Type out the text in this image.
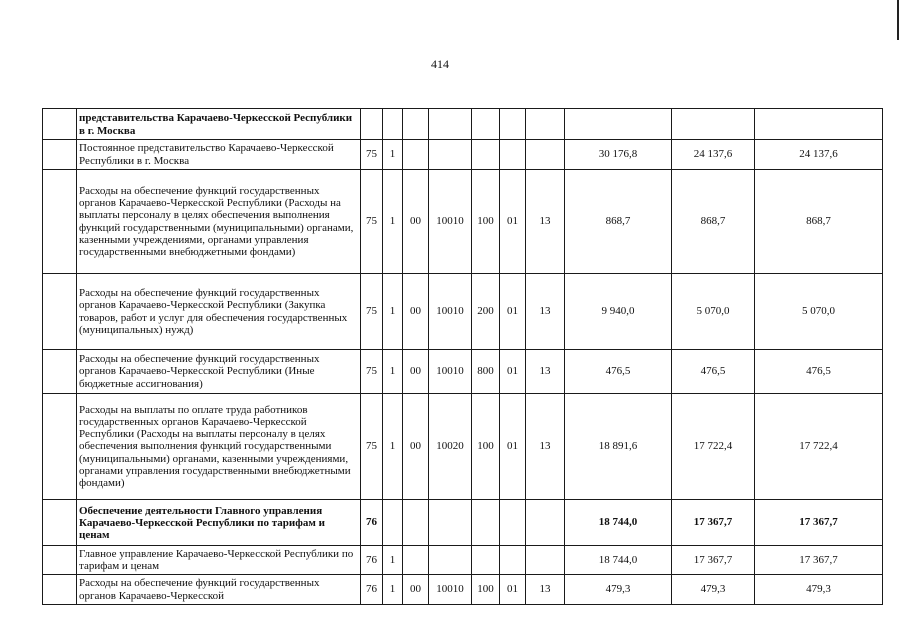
414
	представительства Карачаево-Черкесской Республики в г. Москва										
	Постоянное представительство Карачаево-Черкесской Республики в г. Москва	75	1						30 176,8	24 137,6	24 137,6
	Расходы на обеспечение функций государственных органов Карачаево-Черкесской Республики (Расходы на выплаты персоналу в целях обеспечения выполнения функций государственными (муниципальными) органами, казенными учреждениями, органами управления государственными внебюджетными фондами)	75	1	00	10010	100	01	13	868,7	868,7	868,7
	Расходы на обеспечение функций государственных органов Карачаево-Черкесской Республики (Закупка товаров, работ и услуг для обеспечения государственных (муниципальных) нужд)	75	1	00	10010	200	01	13	9 940,0	5 070,0	5 070,0
	Расходы на обеспечение функций государственных органов Карачаево-Черкесской Республики (Иные бюджетные ассигнования)	75	1	00	10010	800	01	13	476,5	476,5	476,5
	Расходы на выплаты по оплате труда работников государственных органов Карачаево-Черкесской Республики (Расходы на выплаты персоналу в целях обеспечения выполнения функций государственными (муниципальными) органами, казенными учреждениями, органами управления государственными внебюджетными фондами)	75	1	00	10020	100	01	13	18 891,6	17 722,4	17 722,4
	Обеспечение деятельности Главного управления Карачаево-Черкесской Республики по тарифам и ценам	76							18 744,0	17 367,7	17 367,7
	Главное управление Карачаево-Черкесской Республики по тарифам и ценам	76	1						18 744,0	17 367,7	17 367,7
	Расходы на обеспечение функций государственных органов Карачаево-Черкесской	76	1	00	10010	100	01	13	479,3	479,3	479,3
